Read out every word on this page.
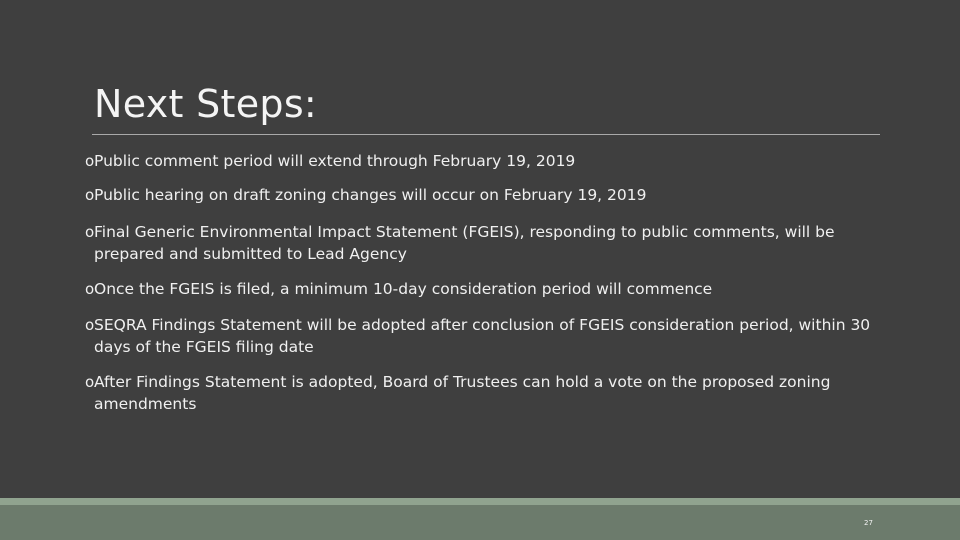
Next Steps:
o Public comment period will extend through February 19, 2019
o Public hearing on draft zoning changes will occur on February 19, 2019
o Final Generic Environmental Impact Statement (FGEIS), responding to public comments, will be prepared and submitted to Lead Agency
o Once the FGEIS is filed, a minimum 10-day consideration period will commence
o SEQRA Findings Statement will be adopted after conclusion of FGEIS consideration period, within 30 days of the FGEIS filing date
o After Findings Statement is adopted, Board of Trustees can hold a vote on the proposed zoning amendments
27
